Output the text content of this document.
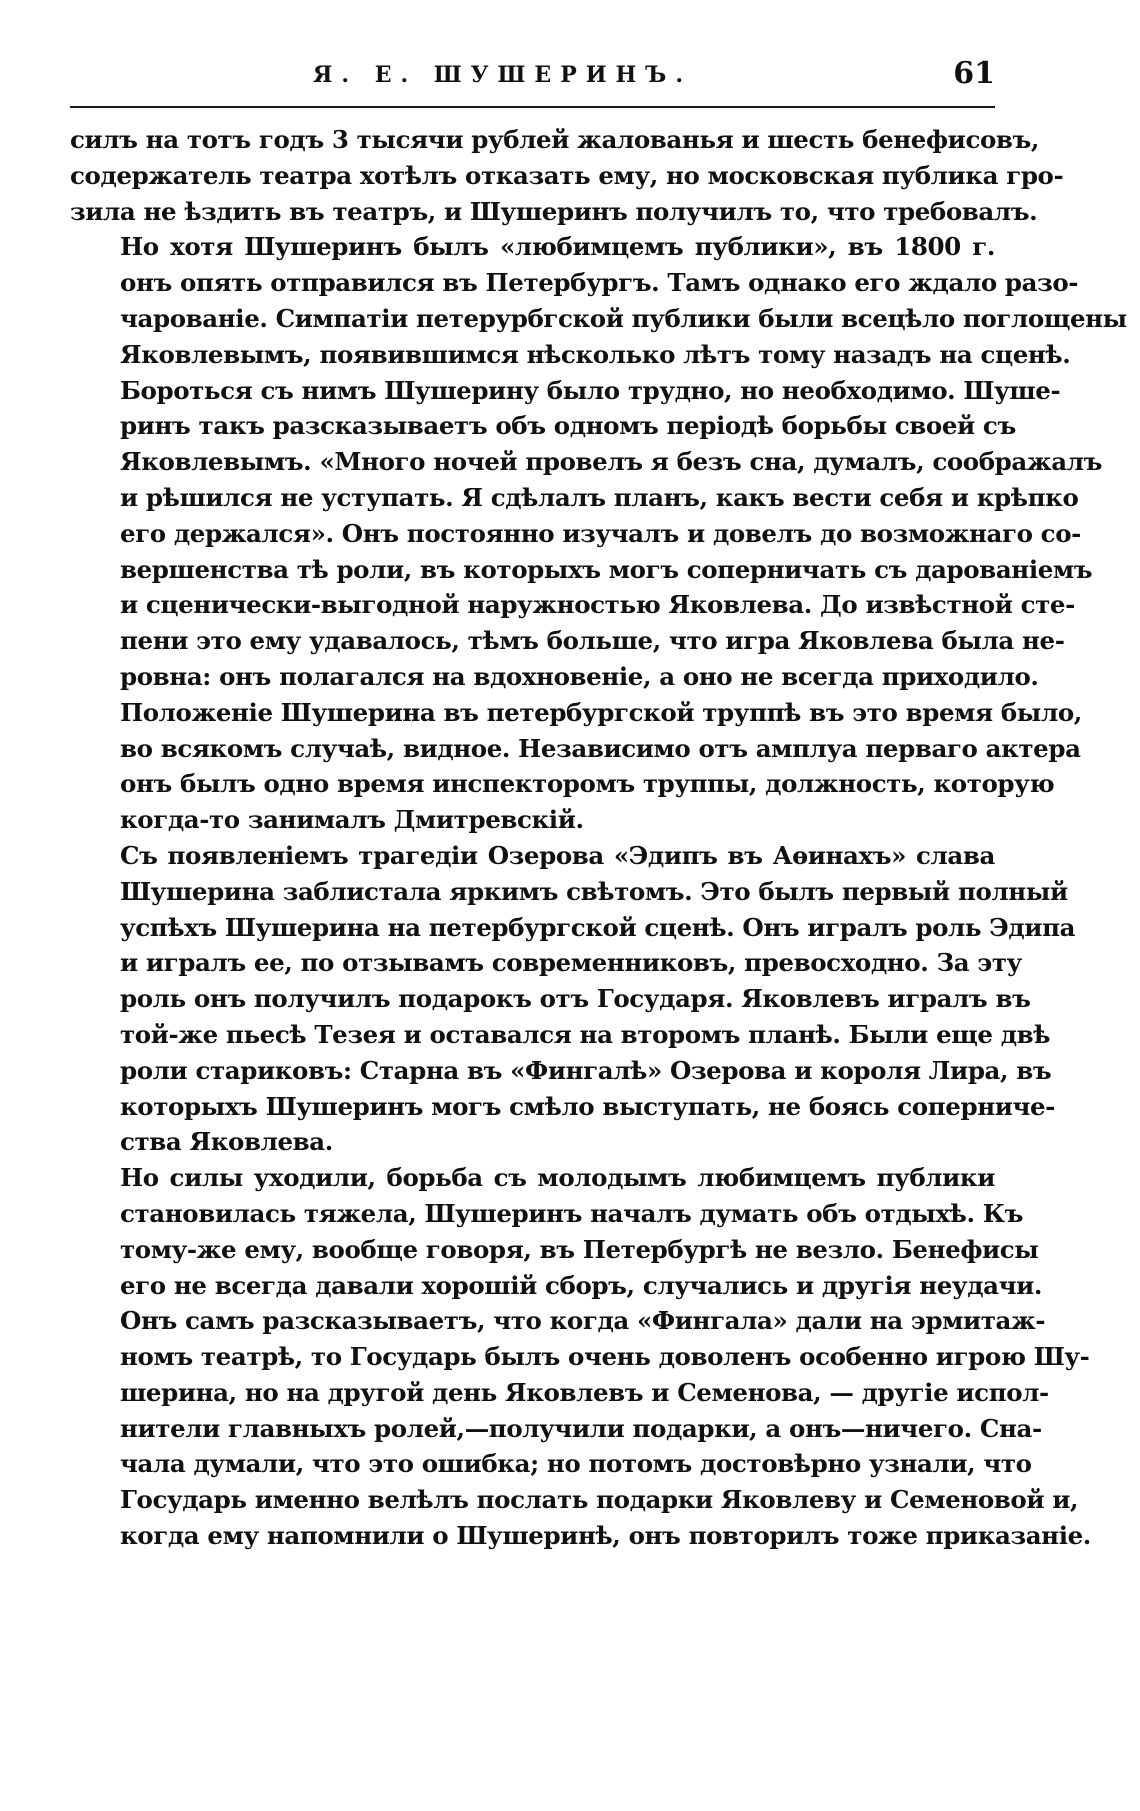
Я. Е. ШУШЕРИНЪ.	61

силъ на тотъ годъ 3 тысячи рублей жалованья и шесть бенефисовъ,
содержатель театра хотѣлъ отказать ему, но московская публика гро-
зила не ѣздить въ театръ, и Шушеринъ получилъ то, что требовалъ.

Но хотя Шушеринъ былъ «любимцемъ публики», въ 1800 г.
онъ опять отправился въ Петербургъ. Тамъ однако его ждало разо-
чарованіе. Симпатіи петерурбгской публики были всецѣло поглощены
Яковлевымъ, появившимся нѣсколько лѣтъ тому назадъ на сценѣ.
Бороться съ нимъ Шушерину было трудно, но необходимо. Шуше-
ринъ такъ разсказываетъ объ одномъ періодѣ борьбы своей съ
Яковлевымъ. «Много ночей провелъ я безъ сна, думалъ, соображалъ
и рѣшился не уступать. Я сдѣлалъ планъ, какъ вести себя и крѣпко
его держался». Онъ постоянно изучалъ и довелъ до возможнаго со-
вершенства тѣ роли, въ которыхъ могъ соперничать съ дарованіемъ
и сценически-выгодной наружностью Яковлева. До извѣстной сте-
пени это ему удавалось, тѣмъ больше, что игра Яковлева была не-
ровна: онъ полагался на вдохновеніе, а оно не всегда приходило.
Положеніе Шушерина въ петербургской труппѣ въ это время было,
во всякомъ случаѣ, видное. Независимо отъ амплуа перваго актера
онъ былъ одно время инспекторомъ труппы, должность, которую
когда-то занималъ Дмитревскій.

Съ появленіемъ трагедіи Озерова «Эдипъ въ Аѳинахъ» слава
Шушерина заблистала яркимъ свѣтомъ. Это былъ первый полный
успѣхъ Шушерина на петербургской сценѣ. Онъ игралъ роль Эдипа
и игралъ ее, по отзывамъ современниковъ, превосходно. За эту
роль онъ получилъ подарокъ отъ Государя. Яковлевъ игралъ въ
той-же пьесѣ Тезея и оставался на второмъ планѣ. Были еще двѣ
роли стариковъ: Старна въ «Фингалѣ» Озерова и короля Лира, въ
которыхъ Шушеринъ могъ смѣло выступать, не боясь соперниче-
ства Яковлева.

Но силы уходили, борьба съ молодымъ любимцемъ публики
становилась тяжела, Шушеринъ началъ думать объ отдыхѣ. Къ
тому-же ему, вообще говоря, въ Петербургѣ не везло. Бенефисы
его не всегда давали хорошій сборъ, случались и другія неудачи.
Онъ самъ разсказываетъ, что когда «Фингала» дали на эрмитаж-
номъ театрѣ, то Государь былъ очень доволенъ особенно игрою Шу-
шерина, но на другой день Яковлевъ и Семенова, — другіе испол-
нители главныхъ ролей,—получили подарки, а онъ—ничего. Сна-
чала думали, что это ошибка; но потомъ достовѣрно узнали, что
Государь именно велѣлъ послать подарки Яковлеву и Семеновой и,
когда ему напомнили о Шушеринѣ, онъ повторилъ тоже приказаніе.
